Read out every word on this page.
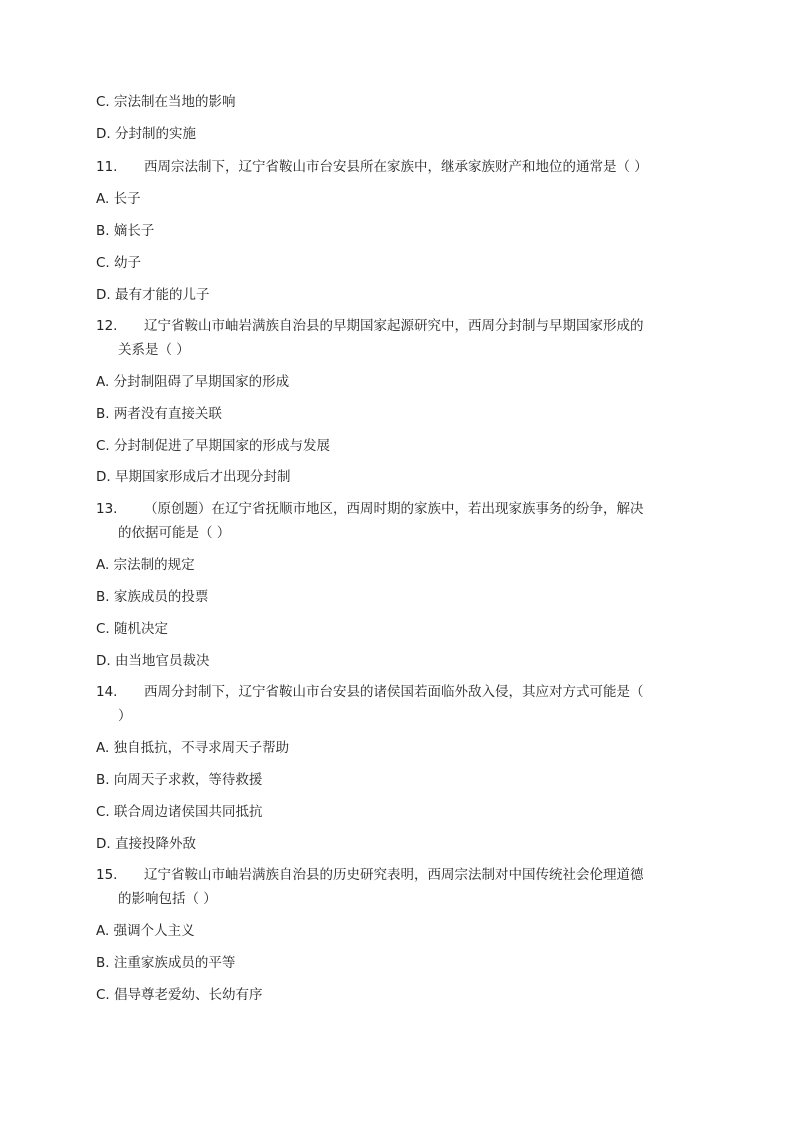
C. 宗法制在当地的影响
D. 分封制的实施
11. 西周宗法制下，辽宁省鞍山市台安县所在家族中，继承家族财产和地位的通常是（ ）
A. 长子
B. 嫡长子
C. 幼子
D. 最有才能的儿子
12. 辽宁省鞍山市岫岩满族自治县的早期国家起源研究中，西周分封制与早期国家形成的
关系是（ ）
A. 分封制阻碍了早期国家的形成
B. 两者没有直接关联
C. 分封制促进了早期国家的形成与发展
D. 早期国家形成后才出现分封制
13. （原创题）在辽宁省抚顺市地区，西周时期的家族中，若出现家族事务的纷争，解决
的依据可能是（ ）
A. 宗法制的规定
B. 家族成员的投票
C. 随机决定
D. 由当地官员裁决
14. 西周分封制下，辽宁省鞍山市台安县的诸侯国若面临外敌入侵，其应对方式可能是（
）
A. 独自抵抗，不寻求周天子帮助
B. 向周天子求救，等待救援
C. 联合周边诸侯国共同抵抗
D. 直接投降外敌
15. 辽宁省鞍山市岫岩满族自治县的历史研究表明，西周宗法制对中国传统社会伦理道德
的影响包括（ ）
A. 强调个人主义
B. 注重家族成员的平等
C. 倡导尊老爱幼、长幼有序
